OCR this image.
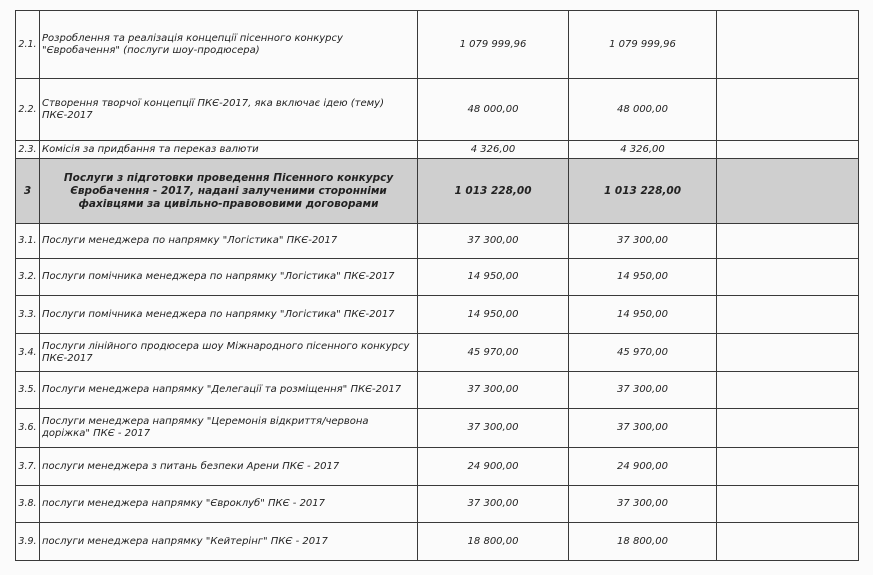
2.1.	Розроблення та реалізація концепції пісенного конкурсу "Євробачення" (послуги шоу-продюсера)	1 079 999,96	1 079 999,96	
2.2.	Створення творчої концепції ПКЄ-2017, яка включає ідею (тему) ПКЄ-2017	48 000,00	48 000,00	
2.3.	Комісія за придбання та переказ валюти	4 326,00	4 326,00	
3	Послуги з підготовки проведення Пісенного конкурсу Євробачення - 2017, надані залученими сторонніми фахівцями за цивільно-правововими договорами	1 013 228,00	1 013 228,00	
3.1.	Послуги менеджера по напрямку "Логістика" ПКЄ-2017	37 300,00	37 300,00	
3.2.	Послуги помічника менеджера по напрямку "Логістика" ПКЄ-2017	14 950,00	14 950,00	
3.3.	Послуги помічника менеджера по напрямку "Логістика" ПКЄ-2017	14 950,00	14 950,00	
3.4.	Послуги лінійного продюсера шоу Міжнародного пісенного конкурсу ПКЄ-2017	45 970,00	45 970,00	
3.5.	Послуги менеджера напрямку "Делегації та розміщення" ПКЄ-2017	37 300,00	37 300,00	
3.6.	Послуги менеджера напрямку "Церемонія відкриття/червона доріжка" ПКЄ - 2017	37 300,00	37 300,00	
3.7.	послуги менеджера з питань безпеки Арени ПКЄ - 2017	24 900,00	24 900,00	
3.8.	послуги менеджера напрямку "Євроклуб" ПКЄ - 2017	37 300,00	37 300,00	
3.9.	послуги менеджера напрямку "Кейтерінг" ПКЄ - 2017	18 800,00	18 800,00	
